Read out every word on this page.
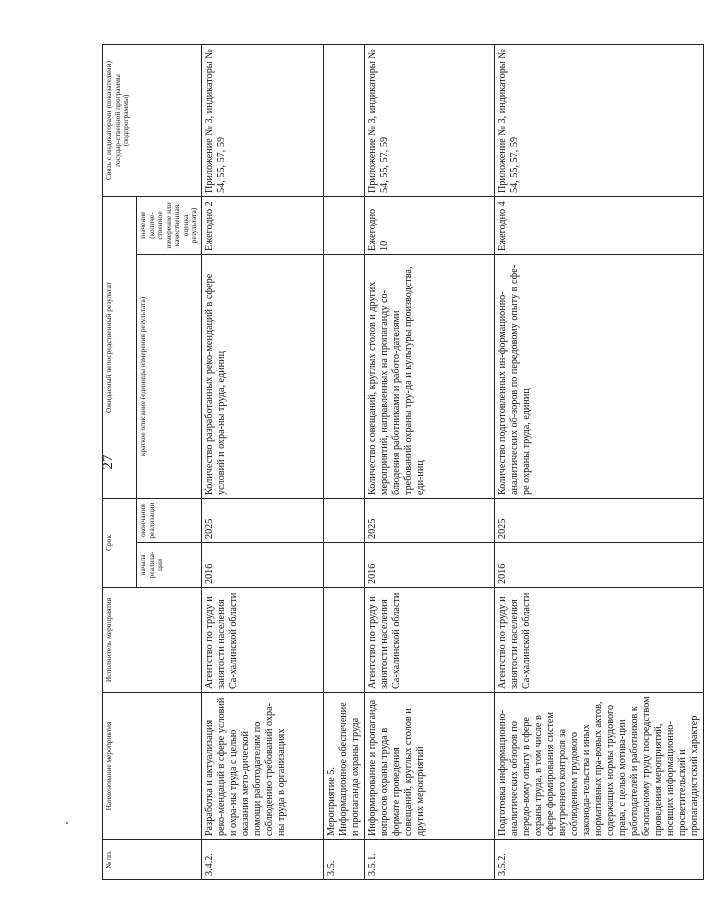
27
№ пп.	Наименование мероприятия	Исполнитель мероприятия	Срок		Ожидаемый непосредственный результат		Связь с индикаторами (показателями) государ-ственной программы (подпрограммы)
			начала реализа-ции	окончания реализации	краткое описание (единицы измерения результата)	значение (количе-ственное измерение или качественная оценка результата)	
3.4.2.	Разработка и актуализация реко-мендаций в сфере условий и охра-ны труда с целью оказания мето-дической помощи работодателям по соблюдению требований охра-ны труда в организациях	Агентство по труду и занятости населения Са-халинской области	2016	2025	Количество разработанных реко-мендаций в сфере условий и охра-ны труда, единиц	Ежегодно 2	Приложение № 3, индикаторы № 54, 55, 57, 59
3.5.	Мероприятие 5. Информационное обеспечение и пропаганда охраны труда						
3.5.1.	Информирование и пропаганда вопросов охраны труда в формате проведения совещаний, круглых столов и других мероприятий	Агентство по труду и занятости населения Са-халинской области	2016	2025	Количество совещаний, круглых столов и других мероприятий, направленных на пропаганду со-блюдения работниками и работо-дателями требований охраны тру-да и культуры производства, еди-ниц	Ежегодно 10	Приложение № 3, индикаторы № 54, 55, 57, 59
3.5.2.	Подготовка информационно-аналитических обзоров по передо-вому опыту в сфере охраны труда, в том числе в сфере формирования систем внутреннего контроля за соблюдением трудового законода-тельства и иных нормативных пра-вовых актов, содержащих нормы трудового права, с целью мотива-ции работодателей и работников к безопасному труду посредством проведения мероприятий, носящих информационно-просветительский и пропагандистский характер	Агентство по труду и занятости населения Са-халинской области	2016	2025	Количество подготовленных ин-формационно-аналитических об-зоров по передовому опыту в сфе-ре охраны труда, единиц	Ежегодно 4	Приложение № 3, индикаторы № 54, 55, 57, 59
